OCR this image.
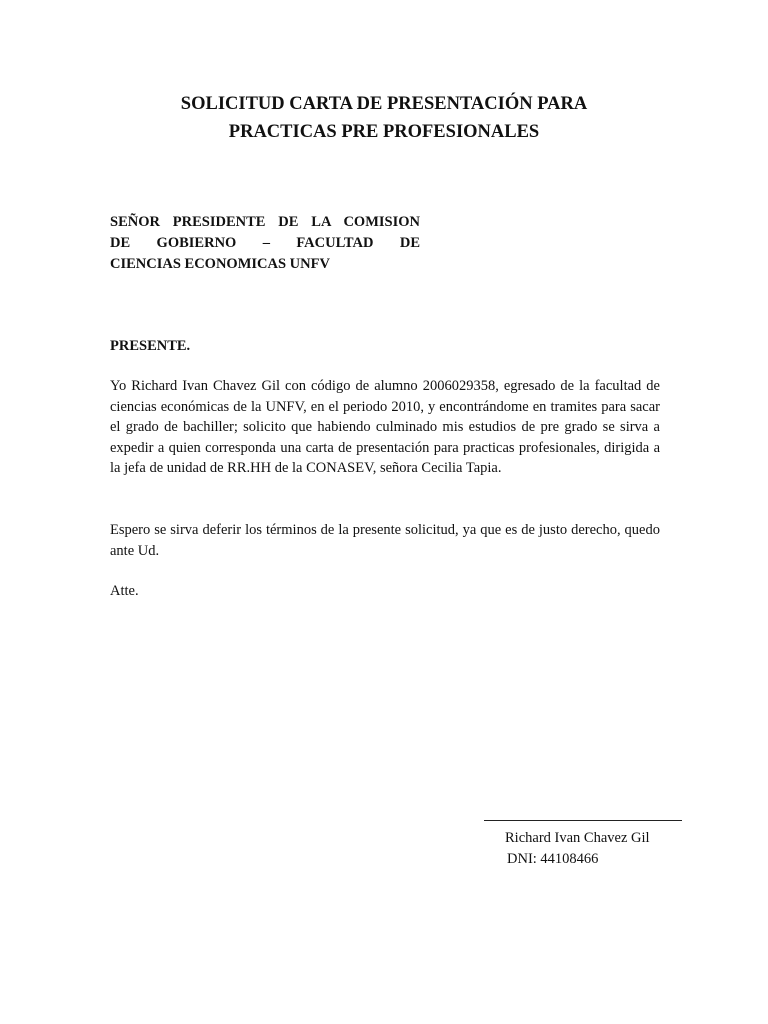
SOLICITUD CARTA DE PRESENTACIÓN PARA
PRACTICAS PRE PROFESIONALES
SEÑOR PRESIDENTE DE LA COMISION
DE GOBIERNO – FACULTAD DE
CIENCIAS ECONOMICAS UNFV
PRESENTE.

Yo Richard Ivan Chavez Gil con código de alumno 2006029358, egresado de la facultad de ciencias económicas de la UNFV, en el periodo 2010, y encontrándome en tramites para sacar el grado de bachiller; solicito que habiendo culminado mis estudios de pre grado se sirva a expedir a quien corresponda una carta de presentación para practicas profesionales, dirigida a la jefa de unidad de RR.HH de la CONASEV, señora Cecilia Tapia.

Espero se sirva deferir los términos de la presente solicitud, ya que es de justo derecho, quedo ante Ud.

Atte.

Richard Ivan Chavez Gil
DNI: 44108466
